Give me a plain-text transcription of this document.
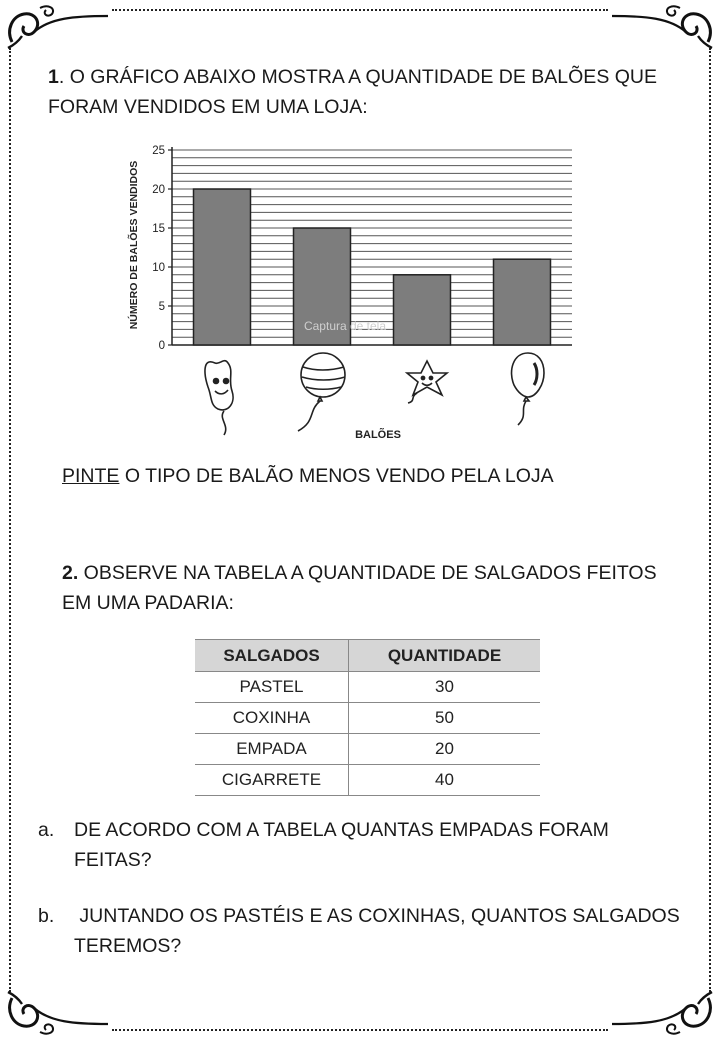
1. O GRÁFICO ABAIXO MOSTRA A QUANTIDADE DE BALÕES QUE FORAM VENDIDOS EM UMA LOJA:
0
5
10
15
20
25
Captura de tela
NÚMERO DE BALÕES VENDIDOS
BALÕES
PINTE O TIPO DE BALÃO MENOS VENDO PELA LOJA
2. OBSERVE NA TABELA A QUANTIDADE DE SALGADOS FEITOS EM UMA PADARIA:
SALGADOS	QUANTIDADE
PASTEL	30
COXINHA	50
EMPADA	20
CIGARRETE	40
a. DE ACORDO COM A TABELA QUANTAS EMPADAS FORAM
FEITAS?
b. JUNTANDO OS PASTÉIS E AS COXINHAS, QUANTOS SALGADOS
TEREMOS?
